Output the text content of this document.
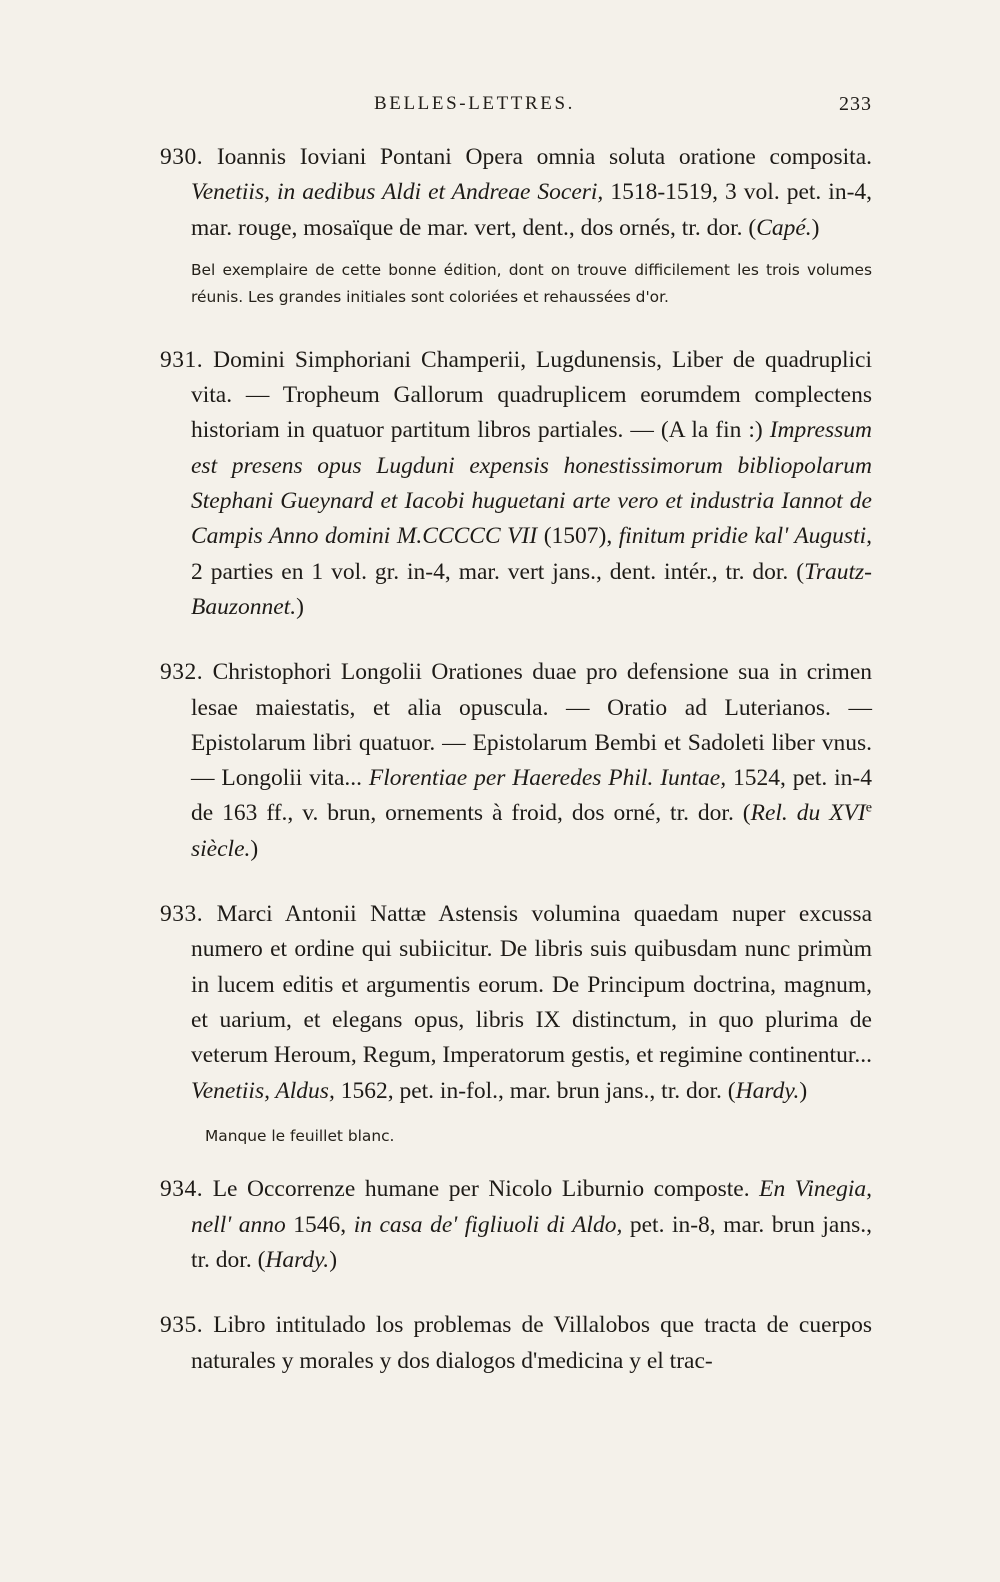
BELLES-LETTRES.	233

930. Ioannis Ioviani Pontani Opera omnia soluta oratione composita. Venetiis, in aedibus Aldi et Andreae Soceri, 1518-1519, 3 vol. pet. in-4, mar. rouge, mosaïque de mar. vert, dent., dos ornés, tr. dor. (Capé.)

Bel exemplaire de cette bonne édition, dont on trouve difficilement les trois volumes réunis. Les grandes initiales sont coloriées et rehaussées d'or.

931. Domini Simphoriani Champerii, Lugdunensis, Liber de quadruplici vita. — Tropheum Gallorum quadruplicem eorumdem complectens historiam in quatuor partitum libros partiales. — (A la fin :) Impressum est presens opus Lugduni expensis honestissimorum bibliopolarum Stephani Gueynard et Iacobi huguetani arte vero et industria Iannot de Campis Anno domini M.CCCCC VII (1507), finitum pridie kal' Augusti, 2 parties en 1 vol. gr. in-4, mar. vert jans., dent. intér., tr. dor. (Trautz-Bauzonnet.)

932. Christophori Longolii Orationes duae pro defensione sua in crimen lesae maiestatis, et alia opuscula. — Oratio ad Luterianos. — Epistolarum libri quatuor. — Epistolarum Bembi et Sadoleti liber vnus. — Longolii vita... Florentiae per Haeredes Phil. Iuntae, 1524, pet. in-4 de 163 ff., v. brun, ornements à froid, dos orné, tr. dor. (Rel. du XVIe siècle.)

933. Marci Antonii Nattæ Astensis volumina quaedam nuper excussa numero et ordine qui subiicitur. De libris suis quibusdam nunc primùm in lucem editis et argumentis eorum. De Principum doctrina, magnum, et uarium, et elegans opus, libris IX distinctum, in quo plurima de veterum Heroum, Regum, Imperatorum gestis, et regimine continentur... Venetiis, Aldus, 1562, pet. in-fol., mar. brun jans., tr. dor. (Hardy.)

Manque le feuillet blanc.

934. Le Occorrenze humane per Nicolo Liburnio composte. En Vinegia, nell' anno 1546, in casa de' figliuoli di Aldo, pet. in-8, mar. brun jans., tr. dor. (Hardy.)

935. Libro intitulado los problemas de Villalobos que tracta de cuerpos naturales y morales y dos dialogos d'medicina y el trac-
